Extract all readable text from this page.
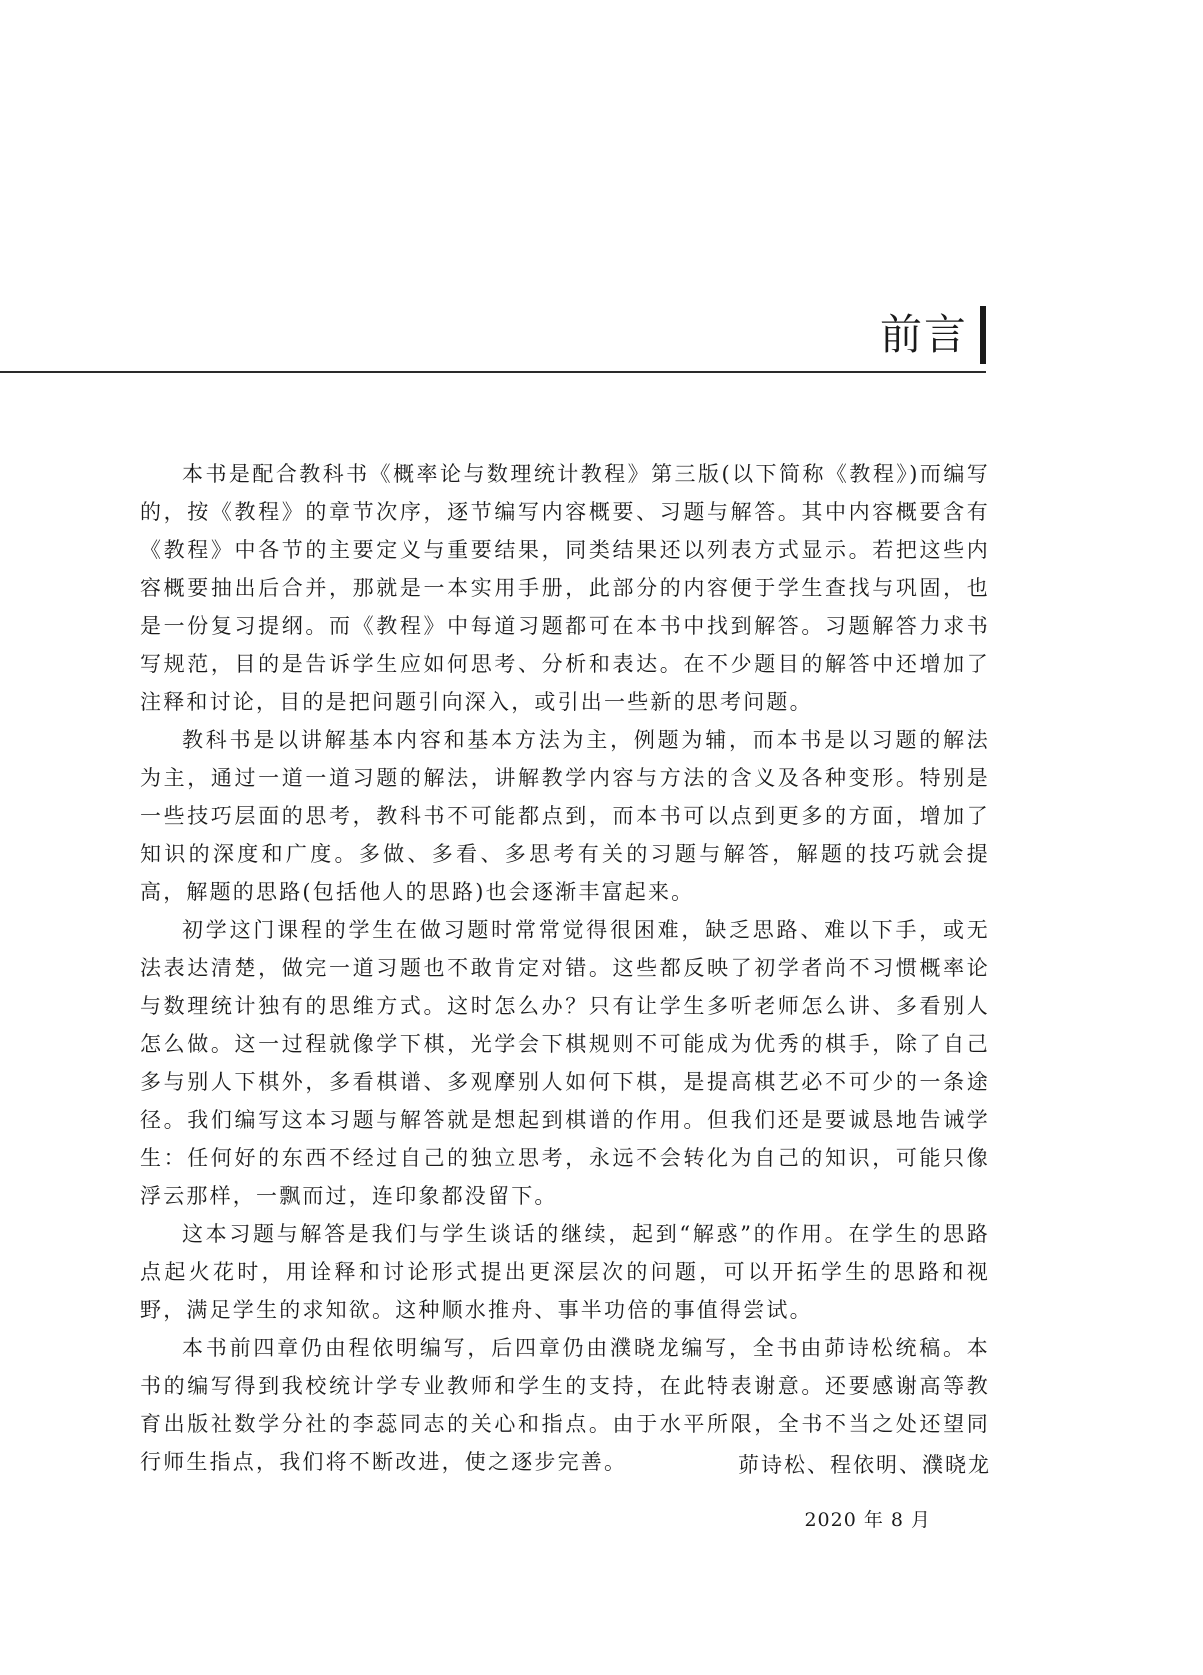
前言

本书是配合教科书《概率论与数理统计教程》第三版(以下简称《教程》)而编写的，按《教程》的章节次序，逐节编写内容概要、习题与解答。其中内容概要含有《教程》中各节的主要定义与重要结果，同类结果还以列表方式显示。若把这些内容概要抽出后合并，那就是一本实用手册，此部分的内容便于学生查找与巩固，也是一份复习提纲。而《教程》中每道习题都可在本书中找到解答。习题解答力求书写规范，目的是告诉学生应如何思考、分析和表达。在不少题目的解答中还增加了注释和讨论，目的是把问题引向深入，或引出一些新的思考问题。

教科书是以讲解基本内容和基本方法为主，例题为辅，而本书是以习题的解法为主，通过一道一道习题的解法，讲解教学内容与方法的含义及各种变形。特别是一些技巧层面的思考，教科书不可能都点到，而本书可以点到更多的方面，增加了知识的深度和广度。多做、多看、多思考有关的习题与解答，解题的技巧就会提高，解题的思路(包括他人的思路)也会逐渐丰富起来。

初学这门课程的学生在做习题时常常觉得很困难，缺乏思路、难以下手，或无法表达清楚，做完一道习题也不敢肯定对错。这些都反映了初学者尚不习惯概率论与数理统计独有的思维方式。这时怎么办？只有让学生多听老师怎么讲、多看别人怎么做。这一过程就像学下棋，光学会下棋规则不可能成为优秀的棋手，除了自己多与别人下棋外，多看棋谱、多观摩别人如何下棋，是提高棋艺必不可少的一条途径。我们编写这本习题与解答就是想起到棋谱的作用。但我们还是要诚恳地告诫学生：任何好的东西不经过自己的独立思考，永远不会转化为自己的知识，可能只像浮云那样，一飘而过，连印象都没留下。

这本习题与解答是我们与学生谈话的继续，起到“解惑”的作用。在学生的思路点起火花时，用诠释和讨论形式提出更深层次的问题，可以开拓学生的思路和视野，满足学生的求知欲。这种顺水推舟、事半功倍的事值得尝试。

本书前四章仍由程依明编写，后四章仍由濮晓龙编写，全书由茆诗松统稿。本书的编写得到我校统计学专业教师和学生的支持，在此特表谢意。还要感谢高等教育出版社数学分社的李蕊同志的关心和指点。由于水平所限，全书不当之处还望同行师生指点，我们将不断改进，使之逐步完善。	茆诗松、程依明、濮晓龙
2020 年 8 月
